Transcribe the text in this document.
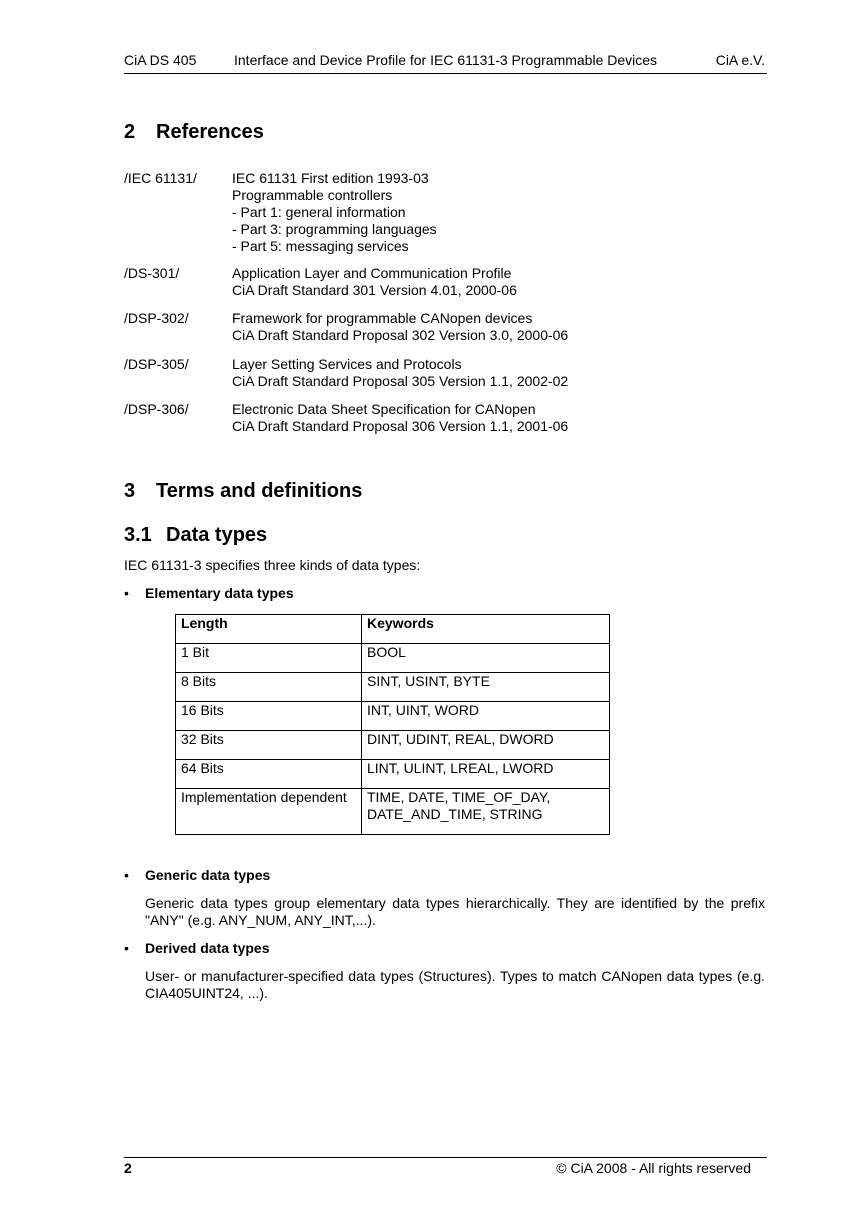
CiA DS 405	Interface and Device Profile for IEC 61131-3 Programmable Devices	CiA e.V.
2 References
/IEC 61131/	IEC 61131 First edition 1993-03
Programmable controllers
- Part 1: general information
- Part 3: programming languages
- Part 5: messaging services
/DS-301/	Application Layer and Communication Profile
CiA Draft Standard 301 Version 4.01, 2000-06
/DSP-302/	Framework for programmable CANopen devices
CiA Draft Standard Proposal 302 Version 3.0, 2000-06
/DSP-305/	Layer Setting Services and Protocols
CiA Draft Standard Proposal 305 Version 1.1, 2002-02
/DSP-306/	Electronic Data Sheet Specification for CANopen
CiA Draft Standard Proposal 306 Version 1.1, 2001-06
3 Terms and definitions
3.1 Data types
IEC 61131-3 specifies three kinds of data types:
• Elementary data types
Length	Keywords
1 Bit	BOOL
8 Bits	SINT, USINT, BYTE
16 Bits	INT, UINT, WORD
32 Bits	DINT, UDINT, REAL, DWORD
64 Bits	LINT, ULINT, LREAL, LWORD
Implementation dependent	TIME, DATE, TIME_OF_DAY, DATE_AND_TIME, STRING
• Generic data types
Generic data types group elementary data types hierarchically. They are identified by the prefix "ANY" (e.g. ANY_NUM, ANY_INT,...).
• Derived data types
User- or manufacturer-specified data types (Structures). Types to match CANopen data types (e.g. CIA405UINT24, ...).
2	© CiA 2008 - All rights reserved
